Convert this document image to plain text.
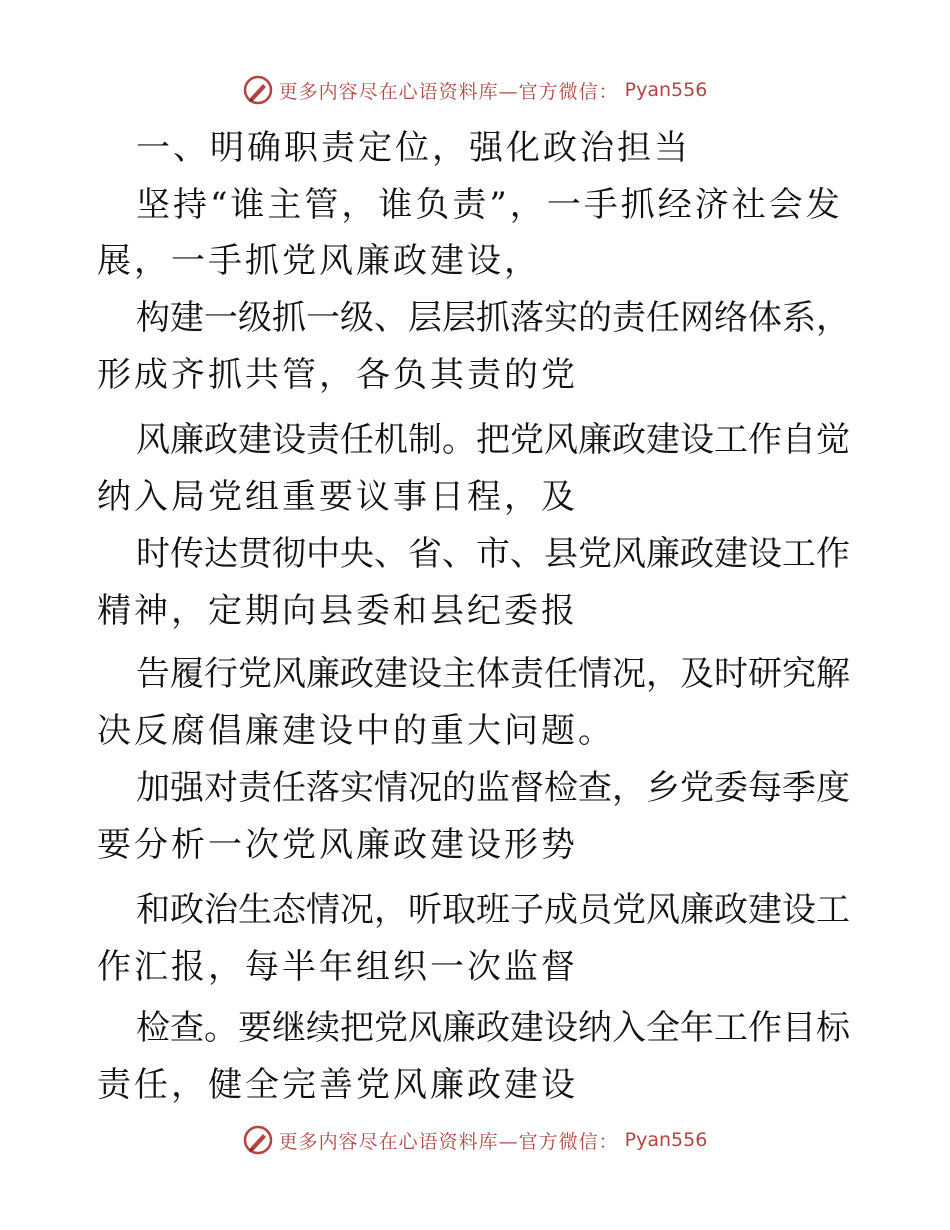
更多内容尽在心语资料库—官方微信： Pyan556
一、明确职责定位，强化政治担当
坚持“谁主管，谁负责”，一手抓经济社会发
展，一手抓党风廉政建设，
构建一级抓一级、层层抓落实的责任网络体系，
形成齐抓共管，各负其责的党
风廉政建设责任机制。把党风廉政建设工作自觉
纳入局党组重要议事日程，及
时传达贯彻中央、省、市、县党风廉政建设工作
精神，定期向县委和县纪委报
告履行党风廉政建设主体责任情况，及时研究解
决反腐倡廉建设中的重大问题。
加强对责任落实情况的监督检查，乡党委每季度
要分析一次党风廉政建设形势
和政治生态情况，听取班子成员党风廉政建设工
作汇报，每半年组织一次监督
检查。要继续把党风廉政建设纳入全年工作目标
责任，健全完善党风廉政建设
更多内容尽在心语资料库—官方微信： Pyan556
